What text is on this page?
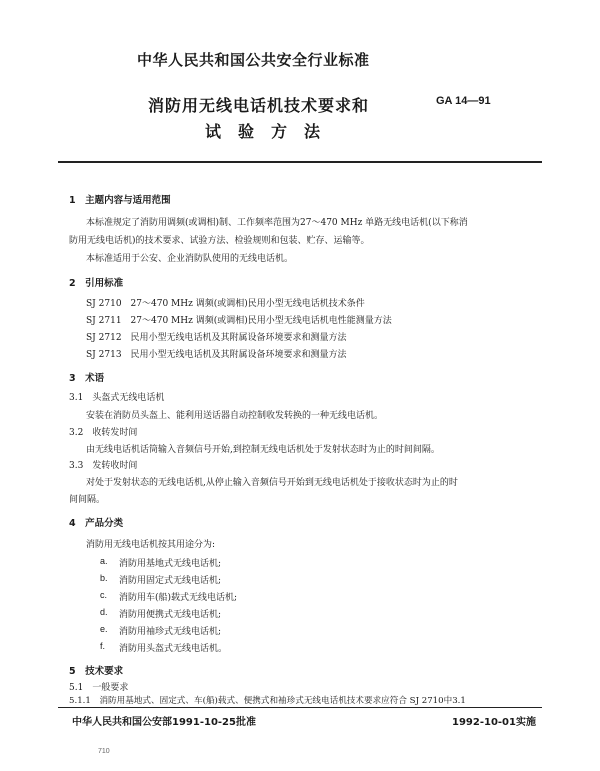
中华人民共和国公共安全行业标准
消防用无线电话机技术要求和
试验方法
GA 14—91
1　主题内容与适用范围
本标准规定了消防用调频(或调相)制、工作频率范围为27～470 MHz 单路无线电话机(以下称消
防用无线电话机)的技术要求、试验方法、检验规则和包装、贮存、运输等。
本标准适用于公安、企业消防队使用的无线电话机。
2　引用标准
SJ 2710　27～470 MHz 调频(或调相)民用小型无线电话机技术条件
SJ 2711　27～470 MHz 调频(或调相)民用小型无线电话机电性能测量方法
SJ 2712　民用小型无线电话机及其附属设备环境要求和测量方法
SJ 2713　民用小型无线电话机及其附属设备环境要求和测量方法
3　术语
3.1　头盔式无线电话机
安装在消防员头盔上、能利用送话器自动控制收发转换的一种无线电话机。
3.2　收转发时间
由无线电话机话筒输入音频信号开始,到控制无线电话机处于发射状态时为止的时间间隔。
3.3　发转收时间
对处于发射状态的无线电话机,从停止输入音频信号开始到无线电话机处于接收状态时为止的时
间间隔。
4　产品分类
消防用无线电话机按其用途分为:
a. 消防用基地式无线电话机;
b. 消防用固定式无线电话机;
c. 消防用车(船)载式无线电话机;
d. 消防用便携式无线电话机;
e. 消防用袖珍式无线电话机;
f. 消防用头盔式无线电话机。
5　技术要求
5.1　一般要求
5.1.1　消防用基地式、固定式、车(船)载式、便携式和袖珍式无线电话机技术要求应符合 SJ 2710中3.1
中华人民共和国公安部1991-10-25批准	1992-10-01实施
710
